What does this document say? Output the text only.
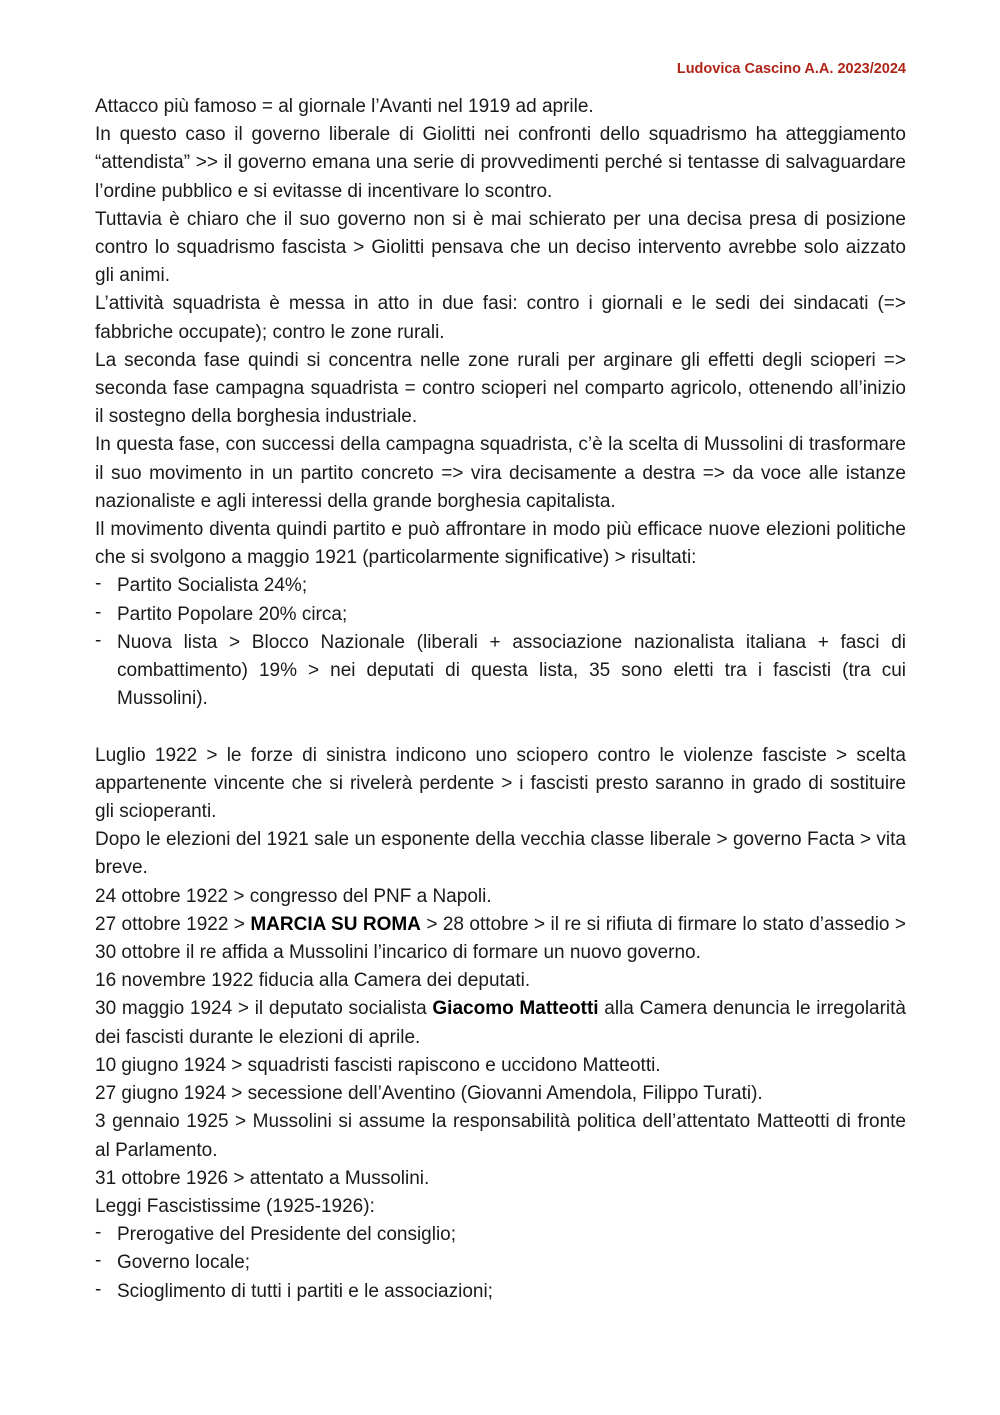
Ludovica Cascino A.A. 2023/2024

Attacco più famoso = al giornale l’Avanti nel 1919 ad aprile.

In questo caso il governo liberale di Giolitti nei confronti dello squadrismo ha atteggiamento “attendista” >> il governo emana una serie di provvedimenti perché si tentasse di salvaguardare l’ordine pubblico e si evitasse di incentivare lo scontro.

Tuttavia è chiaro che il suo governo non si è mai schierato per una decisa presa di posizione contro lo squadrismo fascista > Giolitti pensava che un deciso intervento avrebbe solo aizzato gli animi.

L’attività squadrista è messa in atto in due fasi: contro i giornali e le sedi dei sindacati (=> fabbriche occupate); contro le zone rurali.

La seconda fase quindi si concentra nelle zone rurali per arginare gli effetti degli scioperi => seconda fase campagna squadrista = contro scioperi nel comparto agricolo, ottenendo all’inizio il sostegno della borghesia industriale.

In questa fase, con successi della campagna squadrista, c’è la scelta di Mussolini di trasformare il suo movimento in un partito concreto => vira decisamente a destra => da voce alle istanze nazionaliste e agli interessi della grande borghesia capitalista.

Il movimento diventa quindi partito e può affrontare in modo più efficace nuove elezioni politiche che si svolgono a maggio 1921 (particolarmente significative) > risultati:

- Partito Socialista 24%;
- Partito Popolare 20% circa;
- Nuova lista > Blocco Nazionale (liberali + associazione nazionalista italiana + fasci di combattimento) 19% > nei deputati di questa lista, 35 sono eletti tra i fascisti (tra cui Mussolini).

Luglio 1922 > le forze di sinistra indicono uno sciopero contro le violenze fasciste > scelta appartenente vincente che si rivelerà perdente > i fascisti presto saranno in grado di sostituire gli scioperanti.

Dopo le elezioni del 1921 sale un esponente della vecchia classe liberale > governo Facta > vita breve.

24 ottobre 1922 > congresso del PNF a Napoli.

27 ottobre 1922 > MARCIA SU ROMA > 28 ottobre > il re si rifiuta di firmare lo stato d’assedio > 30 ottobre il re affida a Mussolini l’incarico di formare un nuovo governo.

16 novembre 1922 fiducia alla Camera dei deputati.

30 maggio 1924 > il deputato socialista Giacomo Matteotti alla Camera denuncia le irregolarità dei fascisti durante le elezioni di aprile.

10 giugno 1924 > squadristi fascisti rapiscono e uccidono Matteotti.

27 giugno 1924 > secessione dell’Aventino (Giovanni Amendola, Filippo Turati).

3 gennaio 1925 > Mussolini si assume la responsabilità politica dell’attentato Matteotti di fronte al Parlamento.

31 ottobre 1926 > attentato a Mussolini.

Leggi Fascistissime (1925-1926):

- Prerogative del Presidente del consiglio;
- Governo locale;
- Scioglimento di tutti i partiti e le associazioni;
